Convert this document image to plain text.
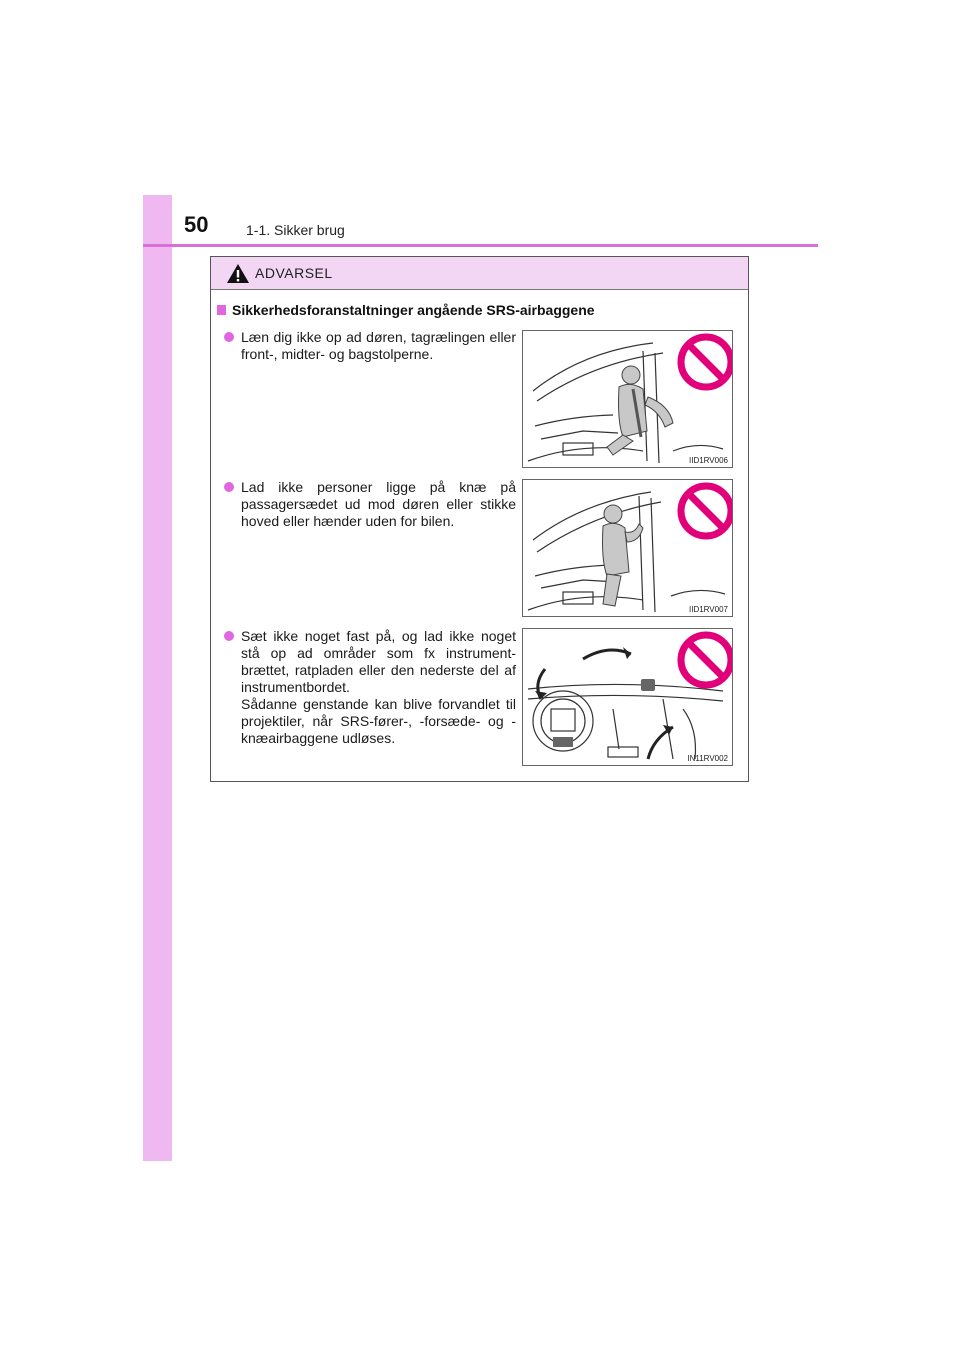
50	1-1. Sikker brug
ADVARSEL
Sikkerhedsforanstaltninger angående SRS-airbaggene
Læn dig ikke op ad døren, tagrælingen eller front-, midter- og bagstolperne.
IID1RV006
Lad ikke personer ligge på knæ på passagersædet ud mod døren eller stikke hoved eller hænder uden for bilen.
IID1RV007
Sæt ikke noget fast på, og lad ikke noget stå op ad områder som fx instrument-brættet, ratpladen eller den nederste del af instrumentbordet.
Sådanne genstande kan blive forvandlet til projektiler, når SRS-fører-, -forsæde- og -knæairbaggene udløses.
IN11RV002
